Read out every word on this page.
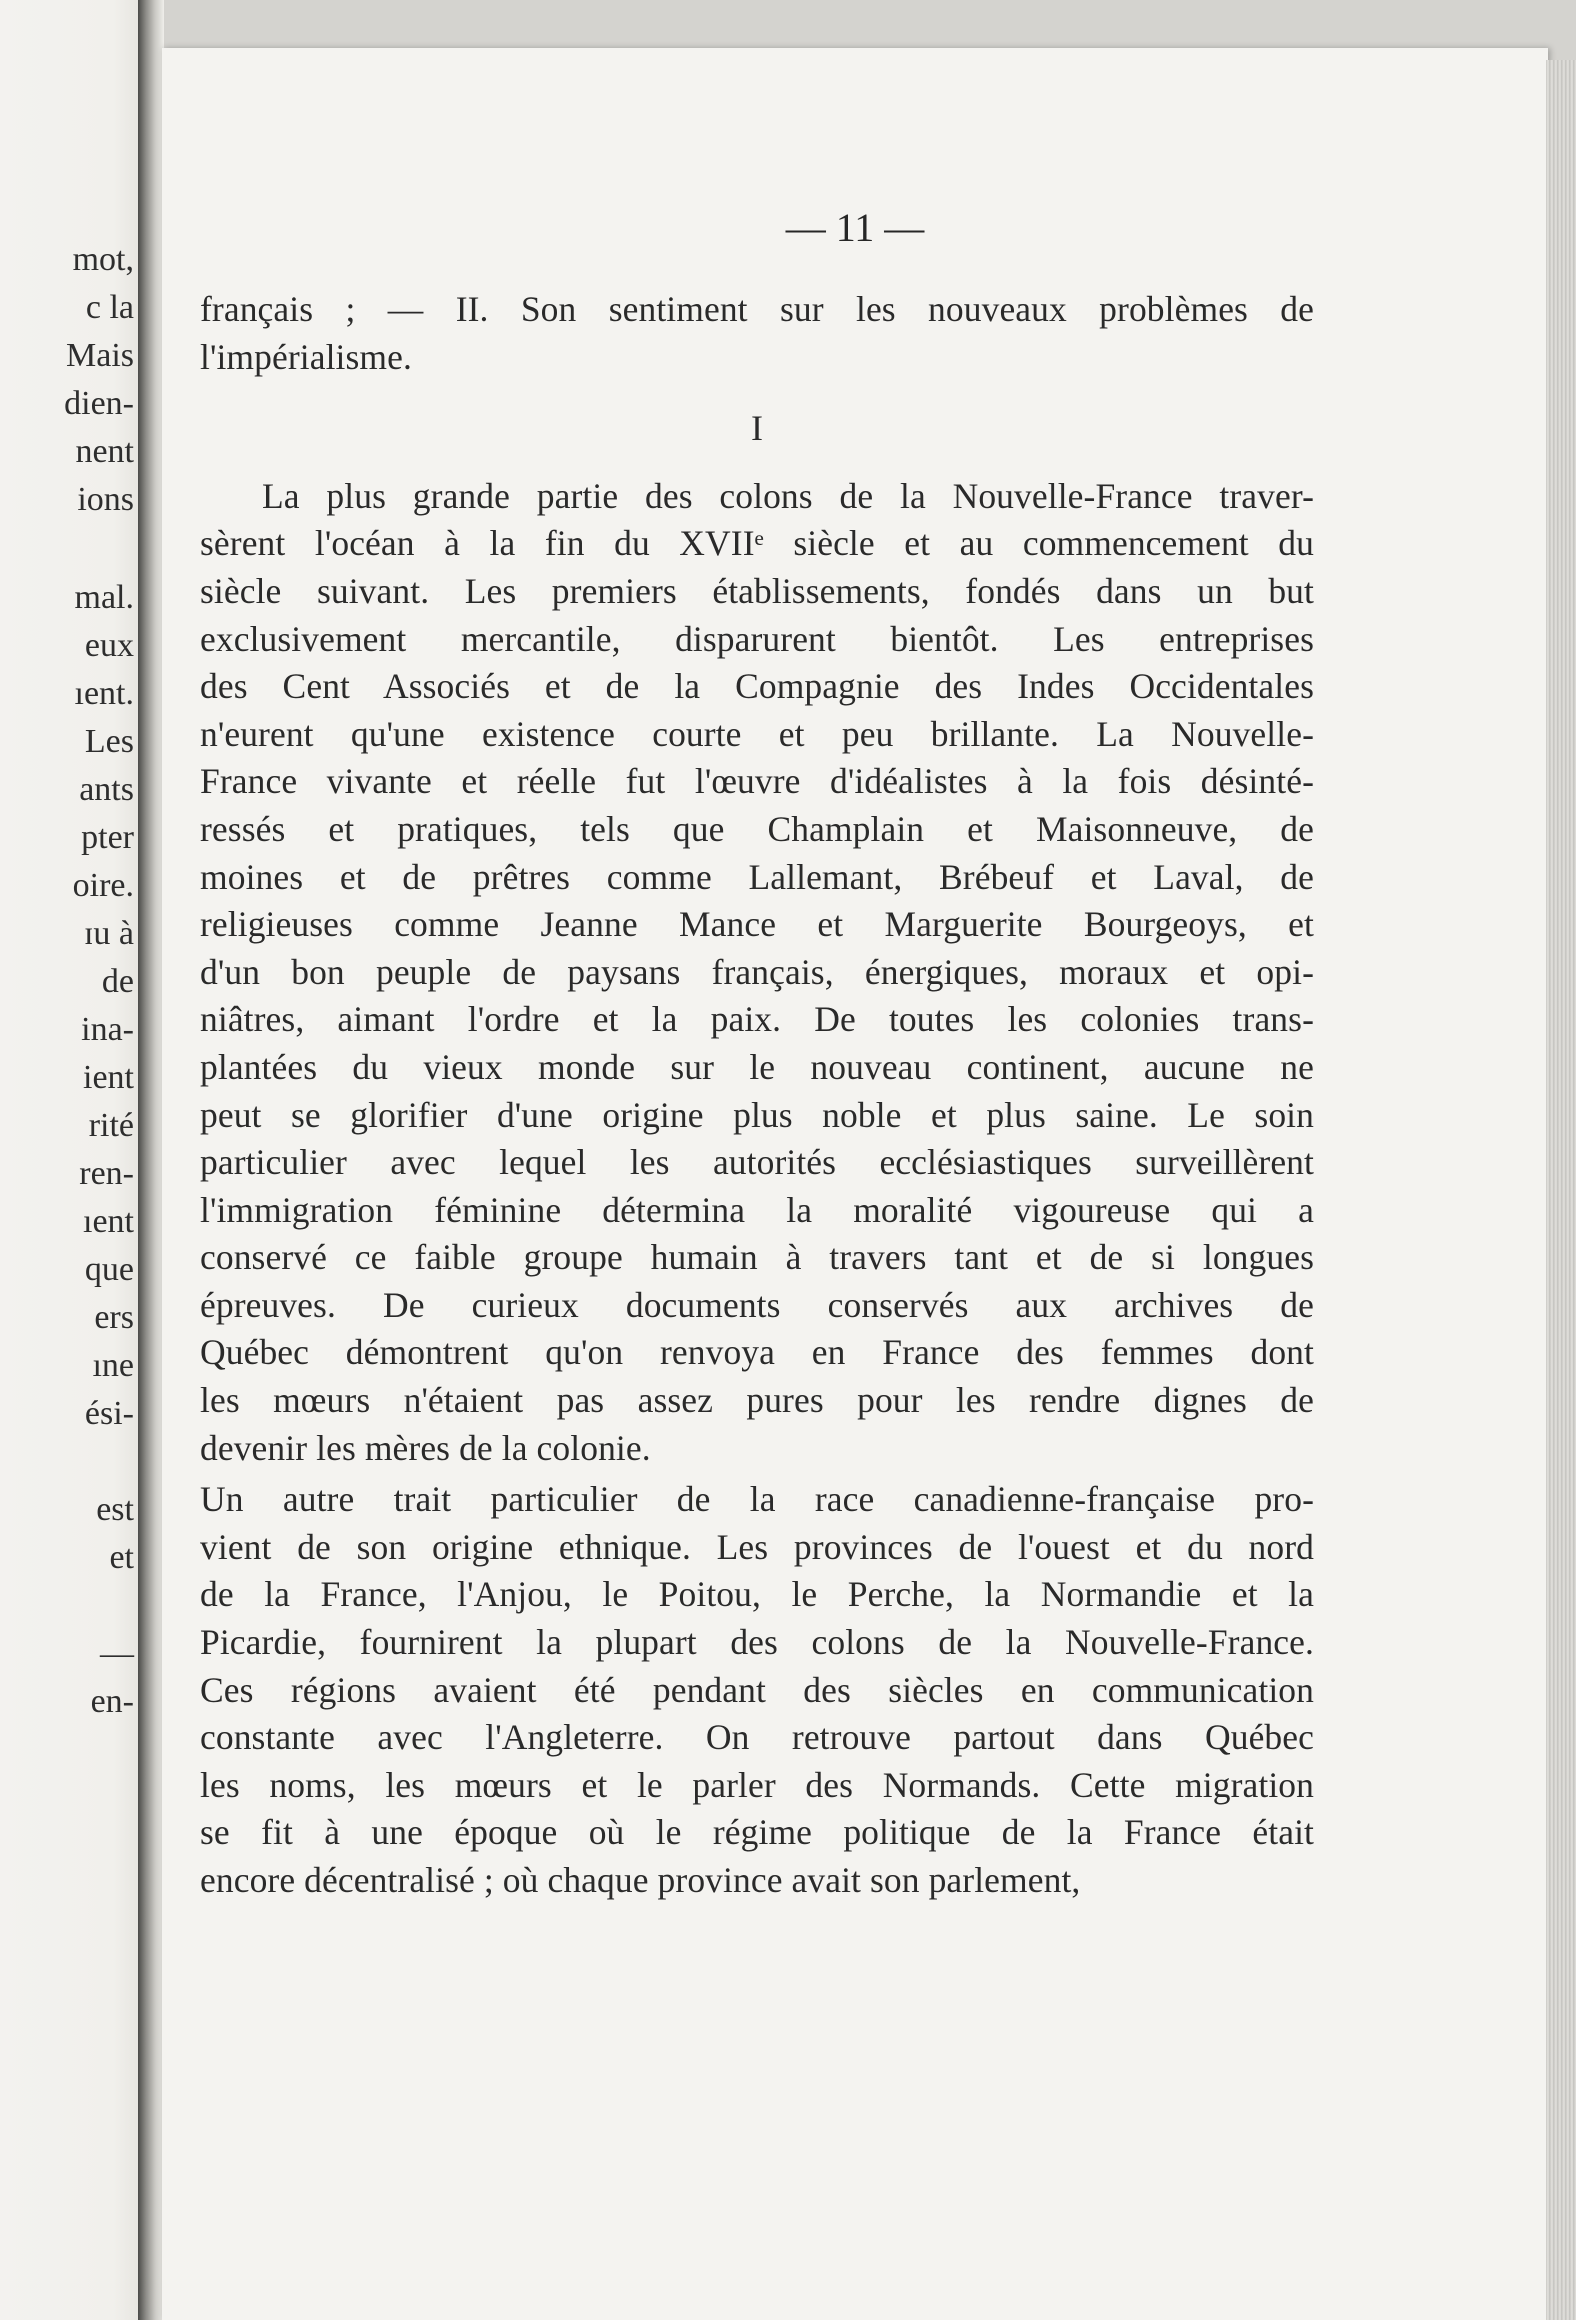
mot,

c la

Mais

dien-

nent

ions

mal.

eux

ıent.

Les

ants

pter

oire.

ɪu à

de

ina-

ient

rité

ren-

ıent

que

ers

ıne

ési-

est

et

—

en-

— 11 —

français ; — II. Son sentiment sur les nouveaux problèmes de

l'impérialisme.

I

La plus grande partie des colons de la Nouvelle-France traver-

sèrent l'océan à la fin du XVIIᵉ siècle et au commencement du

siècle suivant. Les premiers établissements, fondés dans un but

exclusivement mercantile, disparurent bientôt. Les entreprises

des Cent Associés et de la Compagnie des Indes Occidentales

n'eurent qu'une existence courte et peu brillante. La Nouvelle-

France vivante et réelle fut l'œuvre d'idéalistes à la fois désinté-

ressés et pratiques, tels que Champlain et Maisonneuve, de

moines et de prêtres comme Lallemant, Brébeuf et Laval, de

religieuses comme Jeanne Mance et Marguerite Bourgeoys, et

d'un bon peuple de paysans français, énergiques, moraux et opi-

niâtres, aimant l'ordre et la paix. De toutes les colonies trans-

plantées du vieux monde sur le nouveau continent, aucune ne

peut se glorifier d'une origine plus noble et plus saine. Le soin

particulier avec lequel les autorités ecclésiastiques surveillèrent

l'immigration féminine détermina la moralité vigoureuse qui a

conservé ce faible groupe humain à travers tant et de si longues

épreuves. De curieux documents conservés aux archives de

Québec démontrent qu'on renvoya en France des femmes dont

les mœurs n'étaient pas assez pures pour les rendre dignes de

devenir les mères de la colonie.

Un autre trait particulier de la race canadienne-française pro-

vient de son origine ethnique. Les provinces de l'ouest et du nord

de la France, l'Anjou, le Poitou, le Perche, la Normandie et la

Picardie, fournirent la plupart des colons de la Nouvelle-France.

Ces régions avaient été pendant des siècles en communication

constante avec l'Angleterre. On retrouve partout dans Québec

les noms, les mœurs et le parler des Normands. Cette migration

se fit à une époque où le régime politique de la France était

encore décentralisé ; où chaque province avait son parlement,
